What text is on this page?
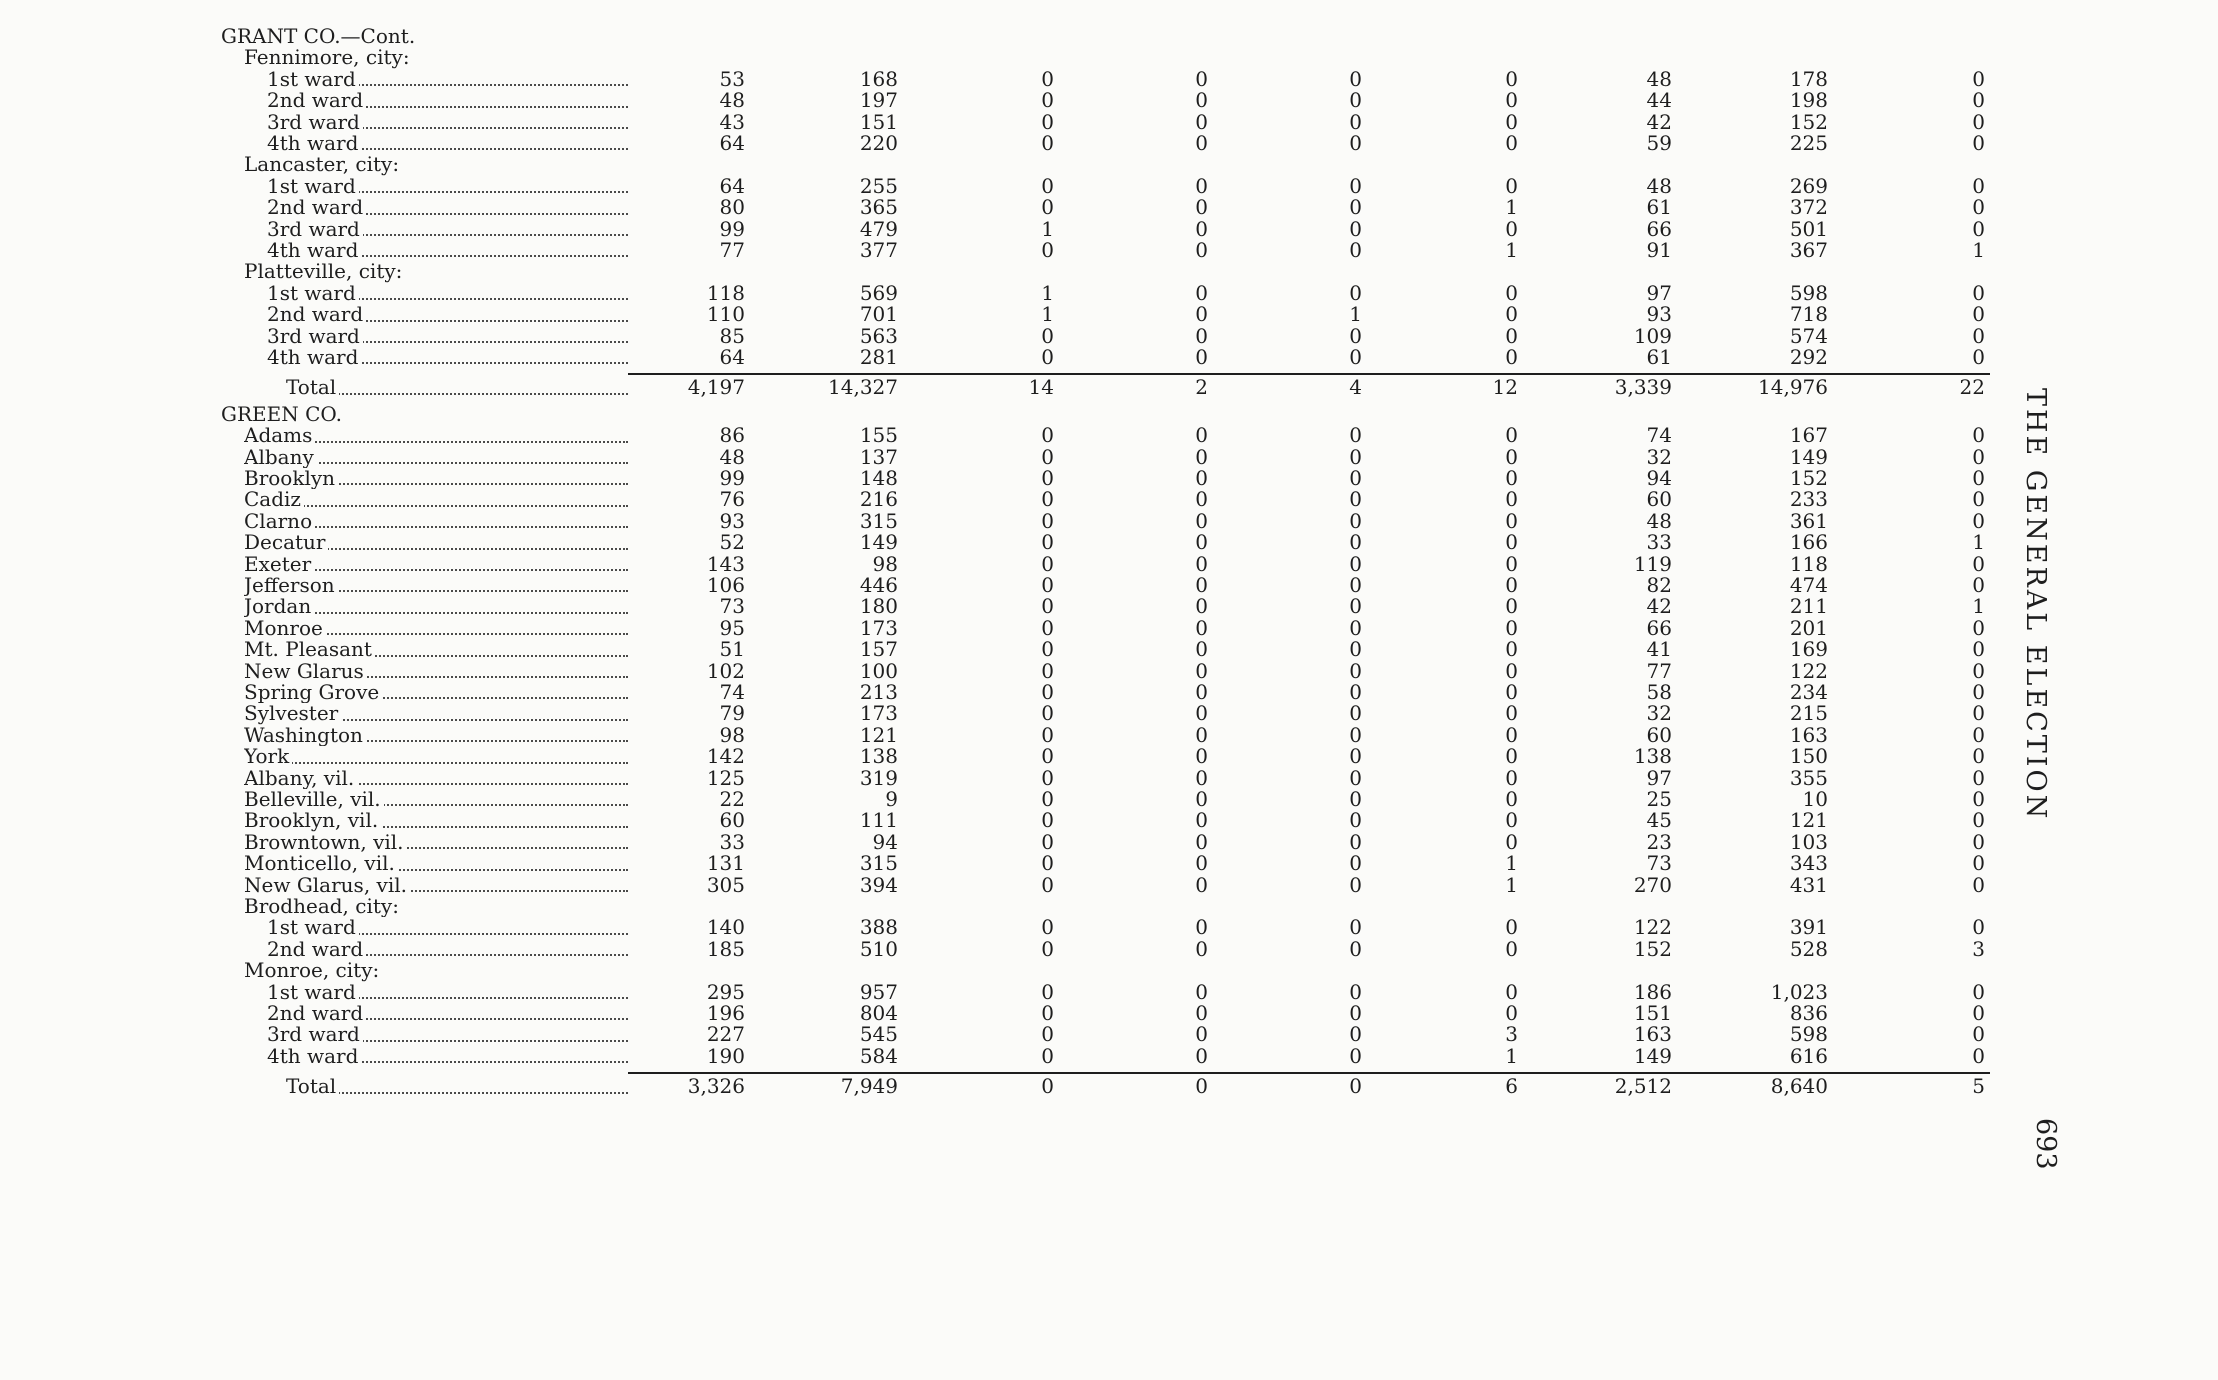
GRANT CO.—Cont.
Fennimore, city:
1st ward	53	168	0	0	0	0	48	178	0
2nd ward	48	197	0	0	0	0	44	198	0
3rd ward	43	151	0	0	0	0	42	152	0
4th ward	64	220	0	0	0	0	59	225	0
Lancaster, city:
1st ward	64	255	0	0	0	0	48	269	0
2nd ward	80	365	0	0	0	1	61	372	0
3rd ward	99	479	1	0	0	0	66	501	0
4th ward	77	377	0	0	0	1	91	367	1
Platteville, city:
1st ward	118	569	1	0	0	0	97	598	0
2nd ward	110	701	1	0	1	0	93	718	0
3rd ward	85	563	0	0	0	0	109	574	0
4th ward	64	281	0	0	0	0	61	292	0
Total	4,197	14,327	14	2	4	12	3,339	14,976	22
GREEN CO.
Adams	86	155	0	0	0	0	74	167	0
Albany	48	137	0	0	0	0	32	149	0
Brooklyn	99	148	0	0	0	0	94	152	0
Cadiz	76	216	0	0	0	0	60	233	0
Clarno	93	315	0	0	0	0	48	361	0
Decatur	52	149	0	0	0	0	33	166	1
Exeter	143	98	0	0	0	0	119	118	0
Jefferson	106	446	0	0	0	0	82	474	0
Jordan	73	180	0	0	0	0	42	211	1
Monroe	95	173	0	0	0	0	66	201	0
Mt. Pleasant	51	157	0	0	0	0	41	169	0
New Glarus	102	100	0	0	0	0	77	122	0
Spring Grove	74	213	0	0	0	0	58	234	0
Sylvester	79	173	0	0	0	0	32	215	0
Washington	98	121	0	0	0	0	60	163	0
York	142	138	0	0	0	0	138	150	0
Albany, vil.	125	319	0	0	0	0	97	355	0
Belleville, vil.	22	9	0	0	0	0	25	10	0
Brooklyn, vil.	60	111	0	0	0	0	45	121	0
Browntown, vil.	33	94	0	0	0	0	23	103	0
Monticello, vil.	131	315	0	0	0	1	73	343	0
New Glarus, vil.	305	394	0	0	0	1	270	431	0
Brodhead, city:
1st ward	140	388	0	0	0	0	122	391	0
2nd ward	185	510	0	0	0	0	152	528	3
Monroe, city:
1st ward	295	957	0	0	0	0	186	1,023	0
2nd ward	196	804	0	0	0	0	151	836	0
3rd ward	227	545	0	0	0	3	163	598	0
4th ward	190	584	0	0	0	1	149	616	0
Total	3,326	7,949	0	0	0	6	2,512	8,640	5
THE GENERAL ELECTION
693
